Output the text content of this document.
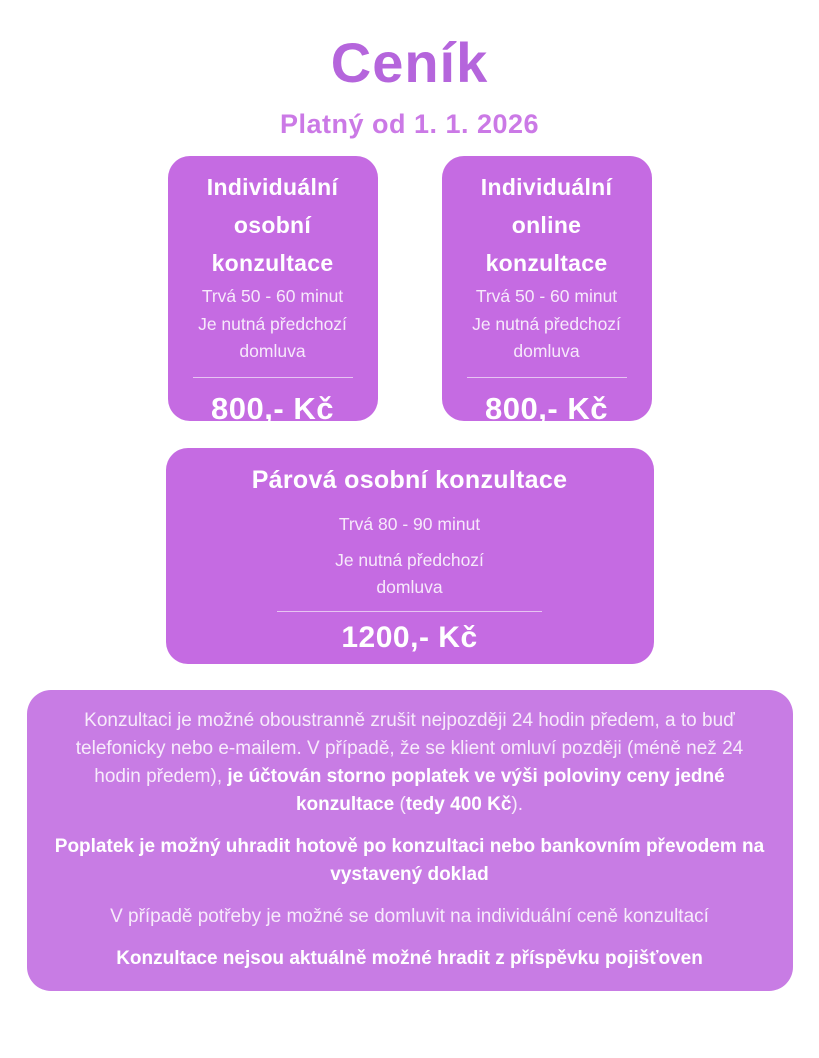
Ceník
Platný od 1. 1. 2026
Individuální
osobní
konzultace
Trvá 50 - 60 minut
Je nutná předchozí domluva
800,- Kč
Individuální
online
konzultace
Trvá 50 - 60 minut
Je nutná předchozí domluva
800,- Kč
Párová osobní konzultace
Trvá 80 - 90 minut
Je nutná předchozí domluva
1200,- Kč

Konzultaci je možné oboustranně zrušit nejpozději 24 hodin předem, a to buď telefonicky nebo e-mailem. V případě, že se klient omluví později (méně než 24 hodin předem), je účtován storno poplatek ve výši poloviny ceny jedné konzultace (tedy 400 Kč).

Poplatek je možný uhradit hotově po konzultaci nebo bankovním převodem na vystavený doklad

V případě potřeby je možné se domluvit na individuální ceně konzultací

Konzultace nejsou aktuálně možné hradit z příspěvku pojišťoven
